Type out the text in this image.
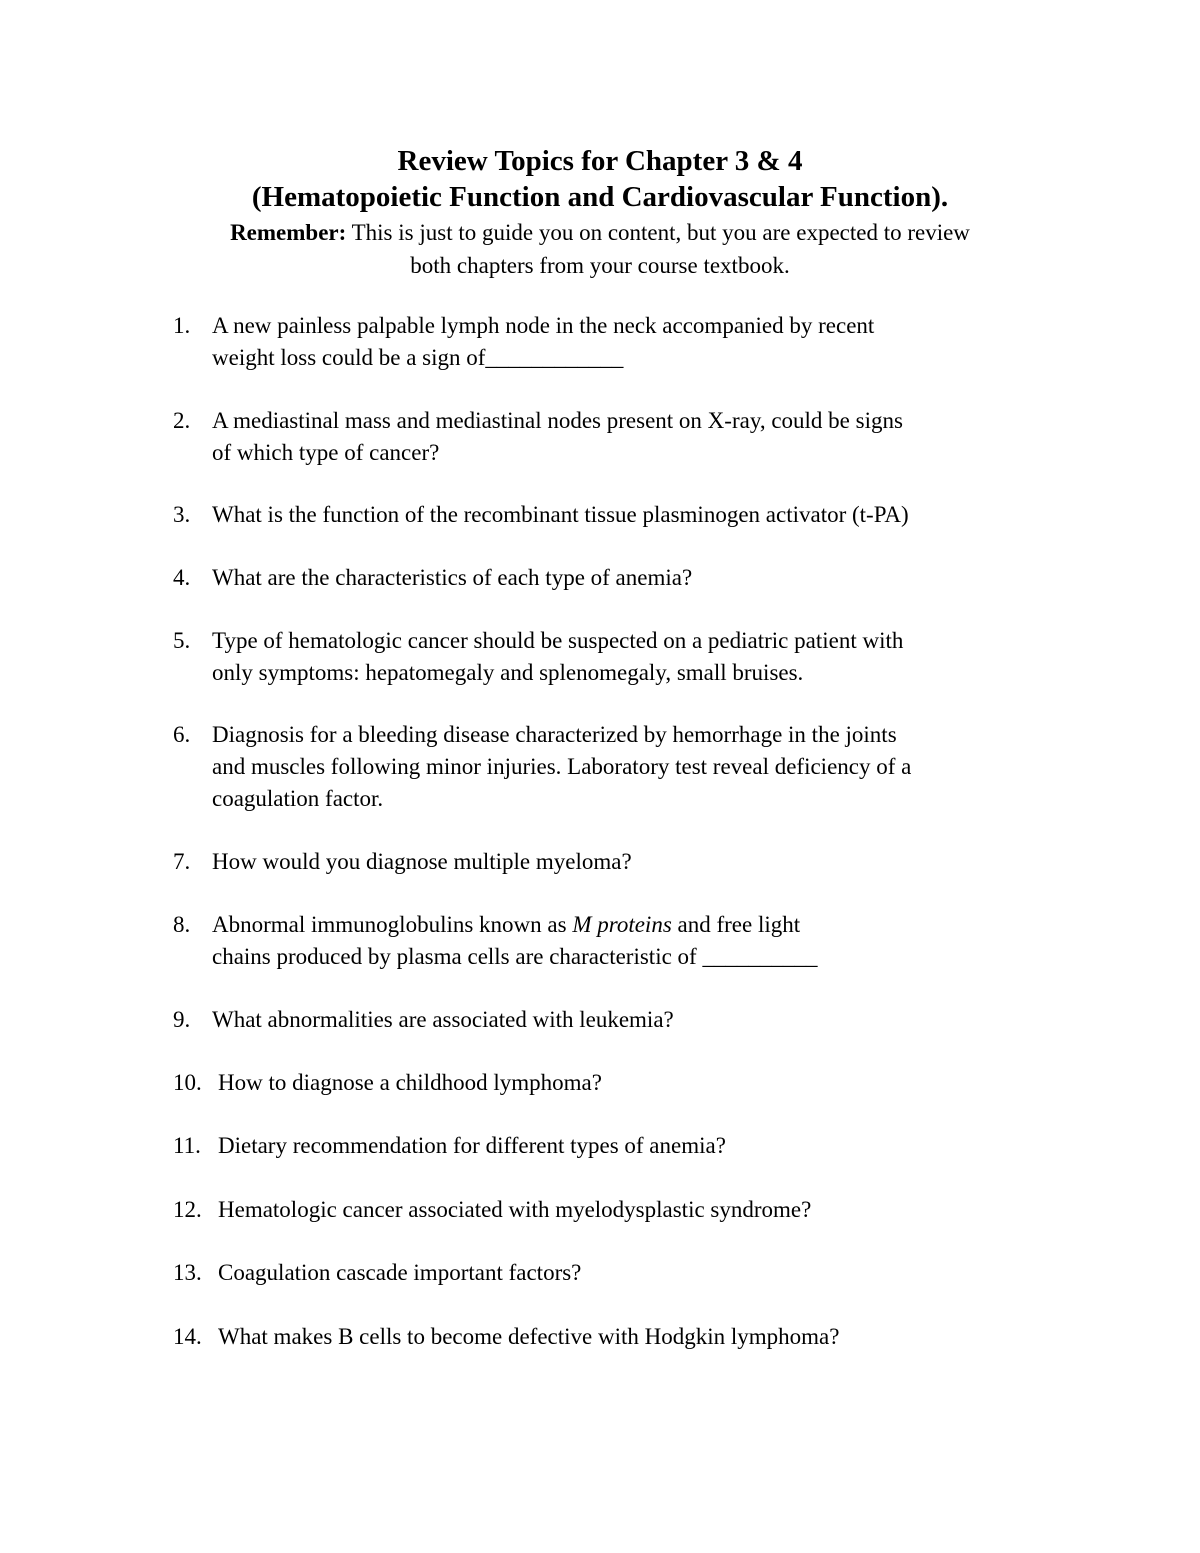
Review Topics for Chapter 3 & 4
(Hematopoietic Function and Cardiovascular Function).
Remember: This is just to guide you on content, but you are expected to review
both chapters from your course textbook.
1. A new painless palpable lymph node in the neck accompanied by recent
weight loss could be a sign of____________
2. A mediastinal mass and mediastinal nodes present on X-ray, could be signs
of which type of cancer?
3. What is the function of the recombinant tissue plasminogen activator (t-PA)
4. What are the characteristics of each type of anemia?
5. Type of hematologic cancer should be suspected on a pediatric patient with
only symptoms: hepatomegaly and splenomegaly, small bruises.
6. Diagnosis for a bleeding disease characterized by hemorrhage in the joints
and muscles following minor injuries. Laboratory test reveal deficiency of a
coagulation factor.
7. How would you diagnose multiple myeloma?
8. Abnormal immunoglobulins known as M proteins and free light
chains produced by plasma cells are characteristic of __________
9. What abnormalities are associated with leukemia?
10. How to diagnose a childhood lymphoma?
11. Dietary recommendation for different types of anemia?
12. Hematologic cancer associated with myelodysplastic syndrome?
13. Coagulation cascade important factors?
14. What makes B cells to become defective with Hodgkin lymphoma?
